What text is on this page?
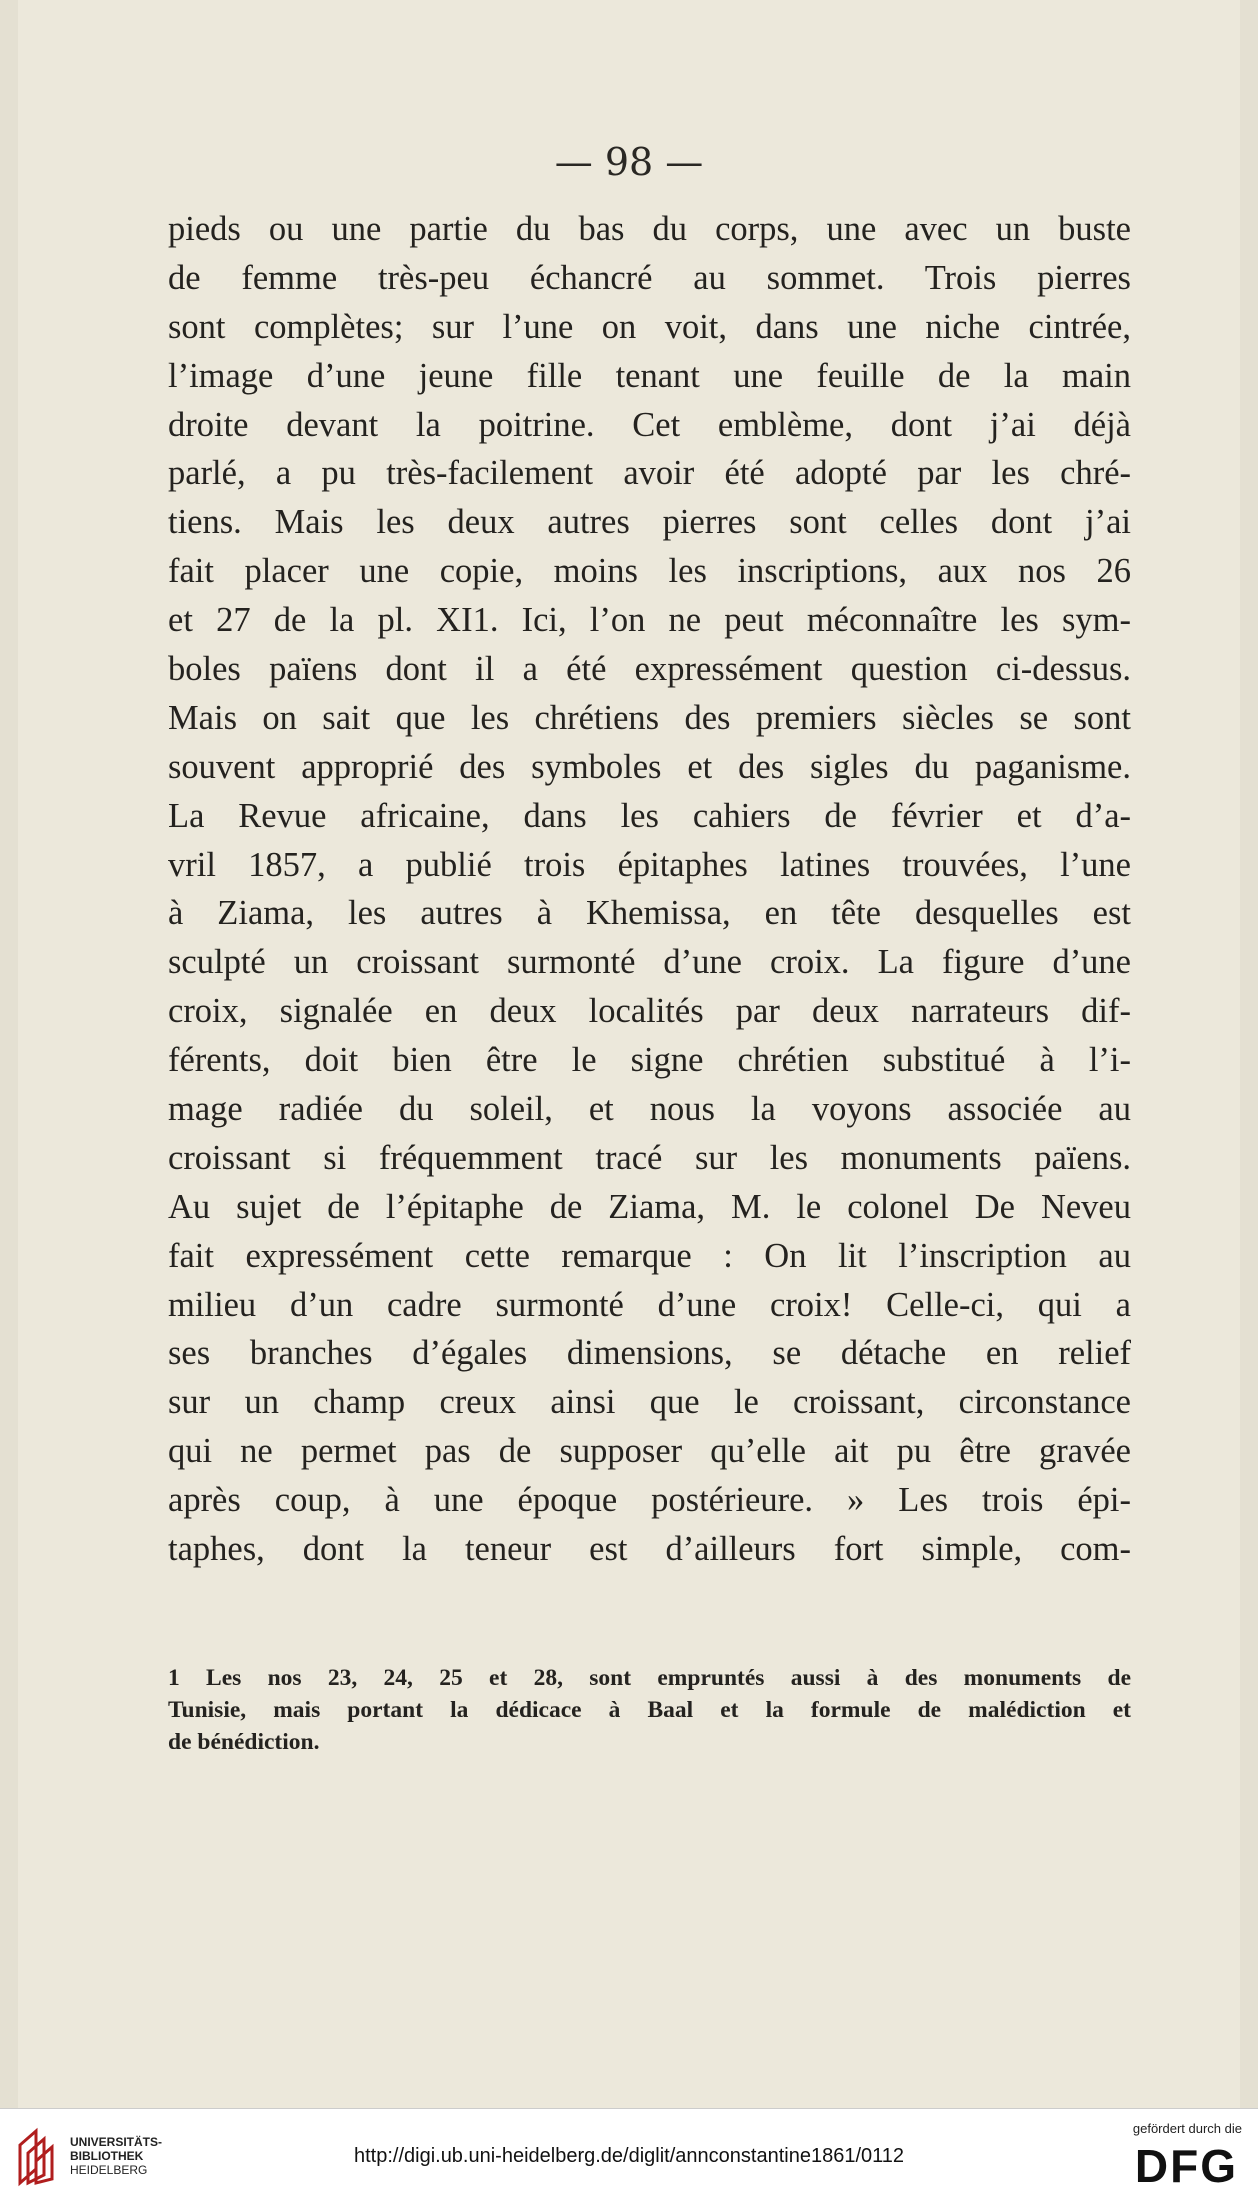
— 98 —
pieds ou une partie du bas du corps, une avec un buste
de femme très-peu échancré au sommet. Trois pierres
sont complètes; sur l’une on voit, dans une niche cintrée,
l’image d’une jeune fille tenant une feuille de la main
droite devant la poitrine. Cet emblème, dont j’ai déjà
parlé, a pu très-facilement avoir été adopté par les chré-
tiens. Mais les deux autres pierres sont celles dont j’ai
fait placer une copie, moins les inscriptions, aux nos 26
et 27 de la pl. XI1. Ici, l’on ne peut méconnaître les sym-
boles païens dont il a été expressément question ci-dessus.
Mais on sait que les chrétiens des premiers siècles se sont
souvent approprié des symboles et des sigles du paganisme.
La Revue africaine, dans les cahiers de février et d’a-
vril 1857, a publié trois épitaphes latines trouvées, l’une
à Ziama, les autres à Khemissa, en tête desquelles est
sculpté un croissant surmonté d’une croix. La figure d’une
croix, signalée en deux localités par deux narrateurs dif-
férents, doit bien être le signe chrétien substitué à l’i-
mage radiée du soleil, et nous la voyons associée au
croissant si fréquemment tracé sur les monuments païens.
Au sujet de l’épitaphe de Ziama, M. le colonel De Neveu
fait expressément cette remarque : On lit l’inscription au
milieu d’un cadre surmonté d’une croix! Celle-ci, qui a
ses branches d’égales dimensions, se détache en relief
sur un champ creux ainsi que le croissant, circonstance
qui ne permet pas de supposer qu’elle ait pu être gravée
après coup, à une époque postérieure. » Les trois épi-
taphes, dont la teneur est d’ailleurs fort simple, com-
1 Les nos 23, 24, 25 et 28, sont empruntés aussi à des monuments de
Tunisie, mais portant la dédicace à Baal et la formule de malédiction et
de bénédiction.
UNIVERSITÄTS-
BIBLIOTHEK
HEIDELBERG
http://digi.ub.uni-heidelberg.de/diglit/annconstantine1861/0112
gefördert durch die
DFG
